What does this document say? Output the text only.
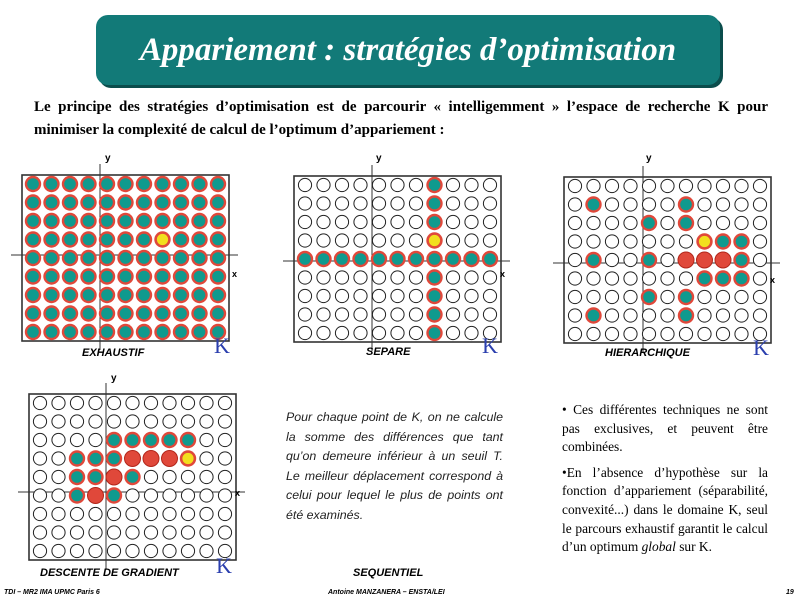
Appariement : stratégies d’optimisation
Le principe des stratégies d’optimisation est de parcourir « intelligemment » l’espace de recherche K pour minimiser la complexité de calcul de l’optimum d’appariement :
x
y
x
y
x
y
x
y
EXHAUSTIF	SEPARE	HIERARCHIQUE
DESCENTE DE GRADIENT	SEQUENTIEL
K	K	K
K
Pour chaque point de K, on ne calcule la somme des différences que tant qu’on demeure inférieur à un seuil T. Le meilleur déplacement correspond à celui pour lequel le plus de points ont été examinés.

• Ces différentes techniques ne sont pas exclusives, et peuvent être combinées.

•En l’absence d’hypothèse sur la fonction d’appariement (séparabilité, convexité...) dans le domaine K, seul le parcours exhaustif garantit le calcul d’un optimum global sur K.

TDI – MR2 IMA UPMC Paris 6	Antoine MANZANERA – ENSTA/LEI	19
